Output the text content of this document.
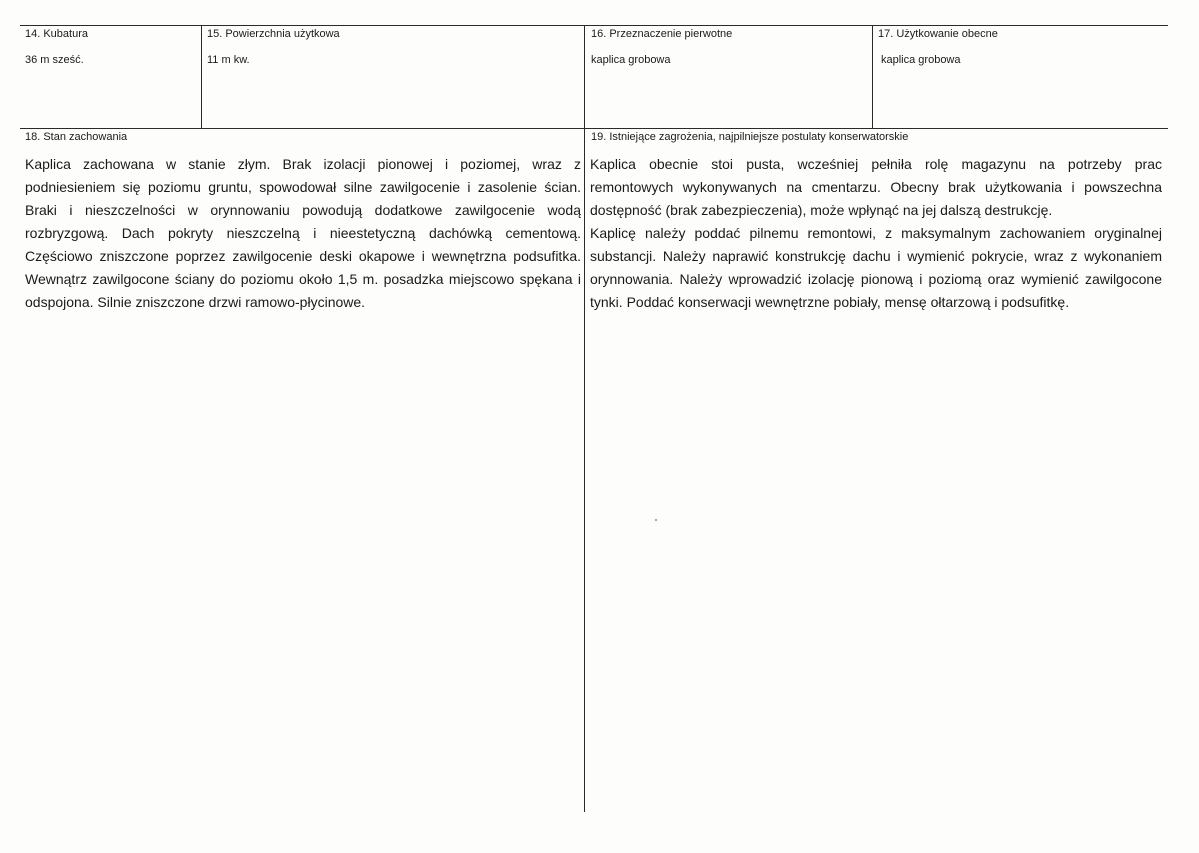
14. Kubatura
36 m sześć.
15. Powierzchnia użytkowa
11 m kw.
16. Przeznaczenie pierwotne
kaplica grobowa
17. Użytkowanie obecne
kaplica grobowa
18. Stan zachowania
Kaplica zachowana w stanie złym. Brak izolacji pionowej i poziomej, wraz z
podniesieniem się poziomu gruntu, spowodował silne zawilgocenie i zasolenie ścian.
Braki i nieszczelności w orynnowaniu powodują dodatkowe zawilgocenie wodą
rozbryzgową. Dach pokryty nieszczelną i nieestetyczną dachówką cementową.
Częściowo zniszczone poprzez zawilgocenie deski okapowe i wewnętrzna podsufitka.
Wewnątrz zawilgocone ściany do poziomu około 1,5 m. posadzka miejscowo spękana i
odspojona. Silnie zniszczone drzwi ramowo-płycinowe.
19. Istniejące zagrożenia, najpilniejsze postulaty konserwatorskie
Kaplica obecnie stoi pusta, wcześniej pełniła rolę magazynu na potrzeby prac
remontowych wykonywanych na cmentarzu. Obecny brak użytkowania i powszechna
dostępność (brak zabezpieczenia), może wpłynąć na jej dalszą destrukcję.
Kaplicę należy poddać pilnemu remontowi, z maksymalnym zachowaniem oryginalnej
substancji. Należy naprawić konstrukcję dachu i wymienić pokrycie, wraz z wykonaniem
orynnowania. Należy wprowadzić izolację pionową i poziomą oraz wymienić zawilgocone
tynki. Poddać konserwacji wewnętrzne pobiały, mensę ołtarzową i podsufitkę.
